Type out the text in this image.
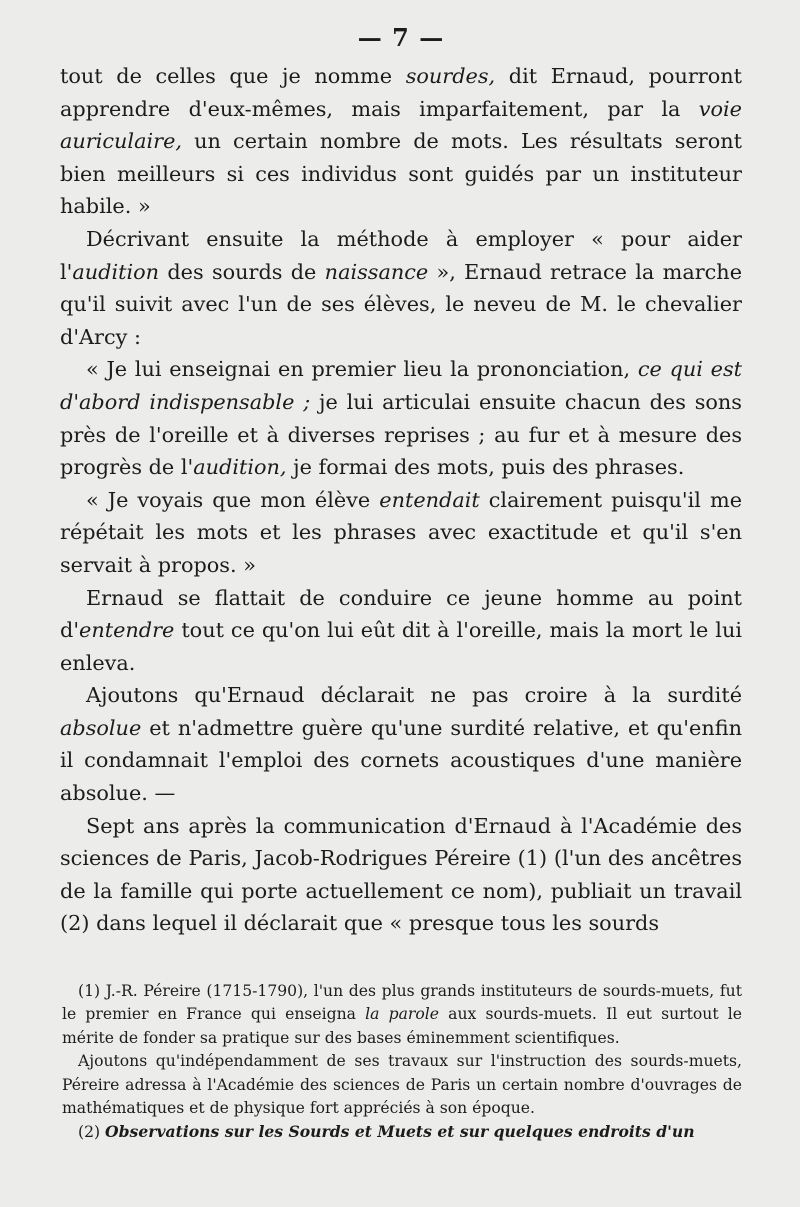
— 7 —

tout de celles que je nomme sourdes, dit Ernaud, pourront apprendre d'eux-mêmes, mais imparfaitement, par la voie auriculaire, un certain nombre de mots. Les résultats seront bien meilleurs si ces individus sont guidés par un instituteur habile. »

Décrivant ensuite la méthode à employer « pour aider l'audition des sourds de naissance », Ernaud retrace la marche qu'il suivit avec l'un de ses élèves, le neveu de M. le chevalier d'Arcy :

« Je lui enseignai en premier lieu la prononciation, ce qui est d'abord indispensable ; je lui articulai ensuite chacun des sons près de l'oreille et à diverses reprises ; au fur et à mesure des progrès de l'audition, je formai des mots, puis des phrases.

« Je voyais que mon élève entendait clairement puisqu'il me répétait les mots et les phrases avec exactitude et qu'il s'en servait à propos. »

Ernaud se flattait de conduire ce jeune homme au point d'entendre tout ce qu'on lui eût dit à l'oreille, mais la mort le lui enleva.

Ajoutons qu'Ernaud déclarait ne pas croire à la surdité absolue et n'admettre guère qu'une surdité relative, et qu'enfin il condamnait l'emploi des cornets acoustiques d'une manière absolue. —

Sept ans après la communication d'Ernaud à l'Académie des sciences de Paris, Jacob-Rodrigues Péreire (1) (l'un des ancêtres de la famille qui porte actuellement ce nom), publiait un travail (2) dans lequel il déclarait que « presque tous les sourds

(1) J.-R. Péreire (1715-1790), l'un des plus grands instituteurs de sourds-muets, fut le premier en France qui enseigna la parole aux sourds-muets. Il eut surtout le mérite de fonder sa pratique sur des bases éminemment scientifiques.

Ajoutons qu'indépendamment de ses travaux sur l'instruction des sourds-muets, Péreire adressa à l'Académie des sciences de Paris un certain nombre d'ouvrages de mathématiques et de physique fort appréciés à son époque.

(2) Observations sur les Sourds et Muets et sur quelques endroits d'un
